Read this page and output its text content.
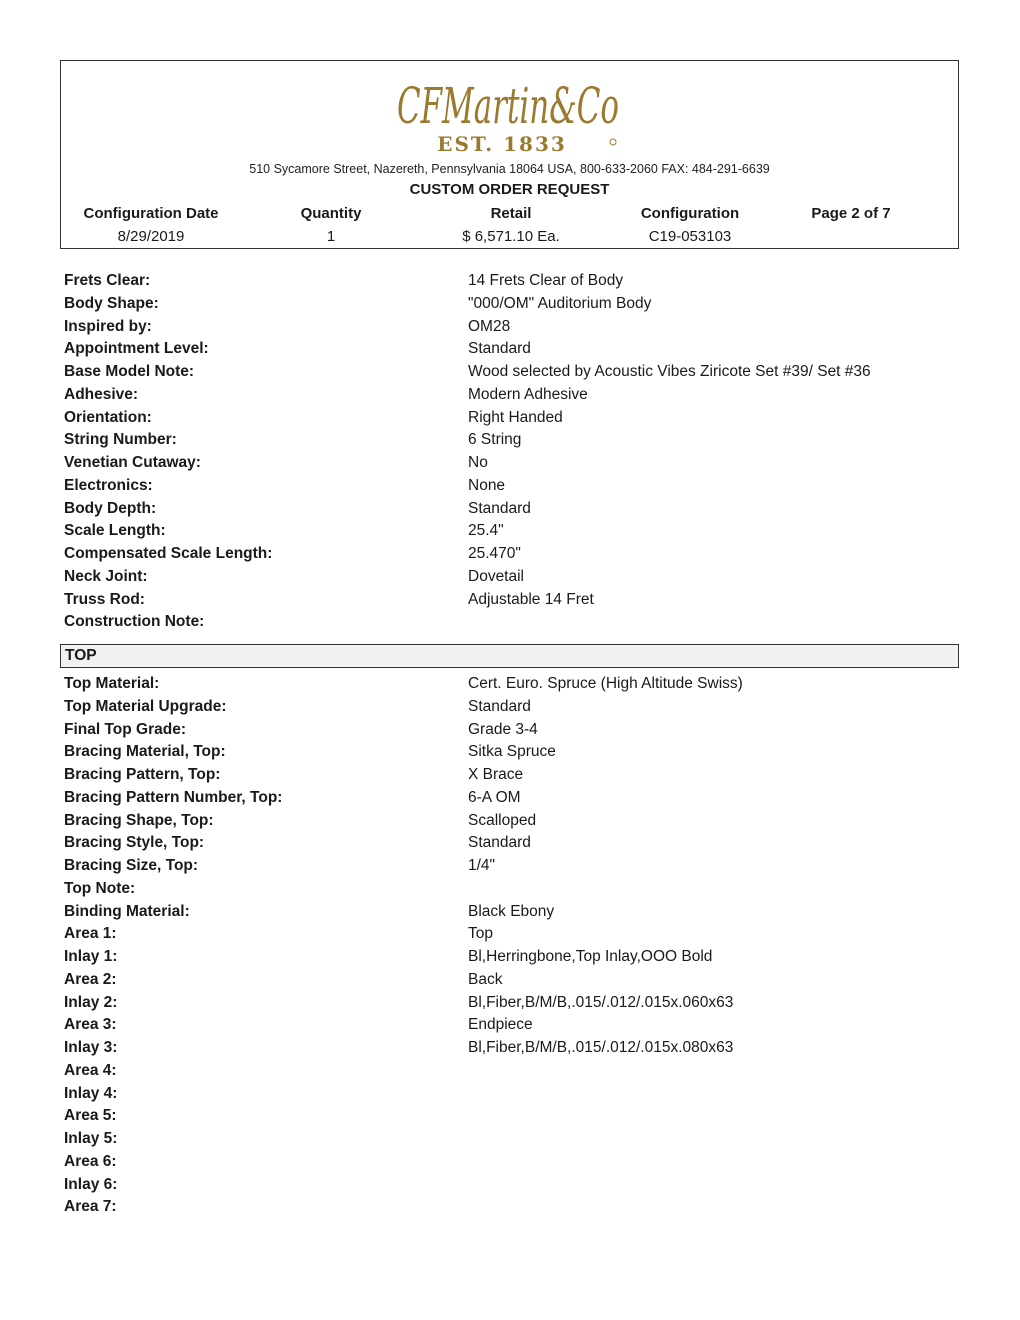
CFMartin&Co
EST. 1833
510 Sycamore Street, Nazereth, Pennsylvania 18064 USA, 800-633-2060 FAX: 484-291-6639
CUSTOM ORDER REQUEST
Configuration Date	Quantity	Retail	Configuration	Page 2 of 7
8/29/2019	1	$ 6,571.10 Ea.	C19-053103
Frets Clear:	14 Frets Clear of Body
Body Shape:	"000/OM" Auditorium Body
Inspired by:	OM28
Appointment Level:	Standard
Base Model Note:	Wood selected by Acoustic Vibes Ziricote Set #39/ Set #36
Adhesive:	Modern Adhesive
Orientation:	Right Handed
String Number:	6 String
Venetian Cutaway:	No
Electronics:	None
Body Depth:	Standard
Scale Length:	25.4"
Compensated Scale Length:	25.470"
Neck Joint:	Dovetail
Truss Rod:	Adjustable 14 Fret
Construction Note:
TOP
Top Material:	Cert. Euro. Spruce (High Altitude Swiss)
Top Material Upgrade:	Standard
Final Top Grade:	Grade 3-4
Bracing Material, Top:	Sitka Spruce
Bracing Pattern, Top:	X Brace
Bracing Pattern Number, Top:	6-A OM
Bracing Shape, Top:	Scalloped
Bracing Style, Top:	Standard
Bracing Size, Top:	1/4"
Top Note:
Binding Material:	Black Ebony
Area 1:	Top
Inlay 1:	Bl,Herringbone,Top Inlay,OOO Bold
Area 2:	Back
Inlay 2:	Bl,Fiber,B/M/B,.015/.012/.015x.060x63
Area 3:	Endpiece
Inlay 3:	Bl,Fiber,B/M/B,.015/.012/.015x.080x63
Area 4:
Inlay 4:
Area 5:
Inlay 5:
Area 6:
Inlay 6:
Area 7:
